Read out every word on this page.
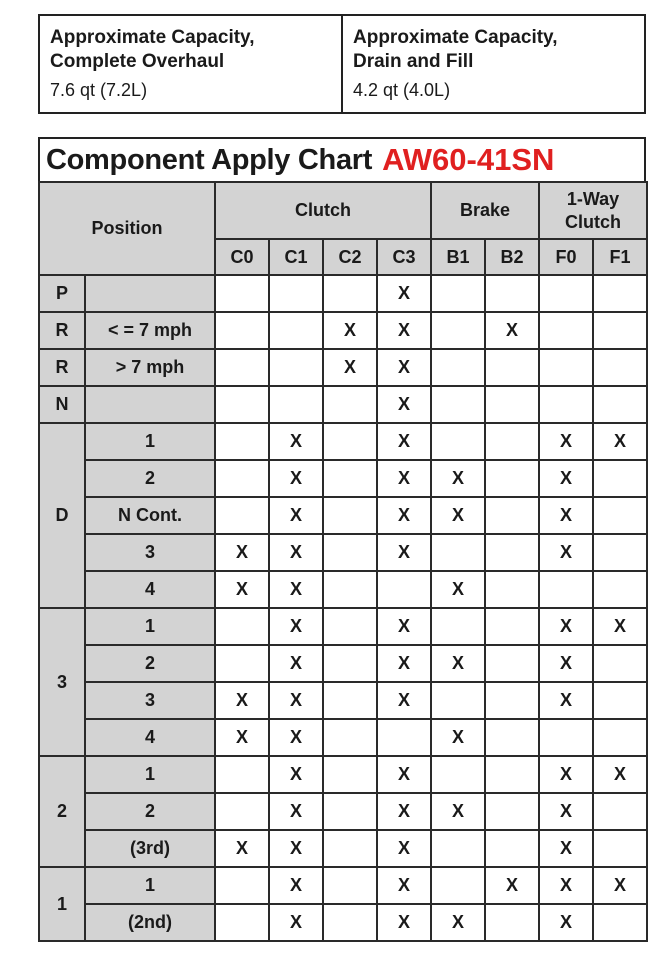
Approximate Capacity,
Complete Overhaul
7.6 qt (7.2L)
Approximate Capacity,
Drain and Fill
4.2 qt (4.0L)
Component Apply Chart AW60-41SN
Position		Clutch				Brake		1-Way
Clutch	
		C0	C1	C2	C3	B1	B2	F0	F1
P					X				
R	< = 7 mph			X	X		X		
R	> 7 mph			X	X				
N					X				
D	1		X		X			X	X
	2		X		X	X		X	
	N Cont.		X		X	X		X	
	3	X	X		X			X	
	4	X	X			X			
3	1		X		X			X	X
	2		X		X	X		X	
	3	X	X		X			X	
	4	X	X			X			
2	1		X		X			X	X
	2		X		X	X		X	
	(3rd)	X	X		X			X	
1	1		X		X		X	X	X
	(2nd)		X		X	X		X	
